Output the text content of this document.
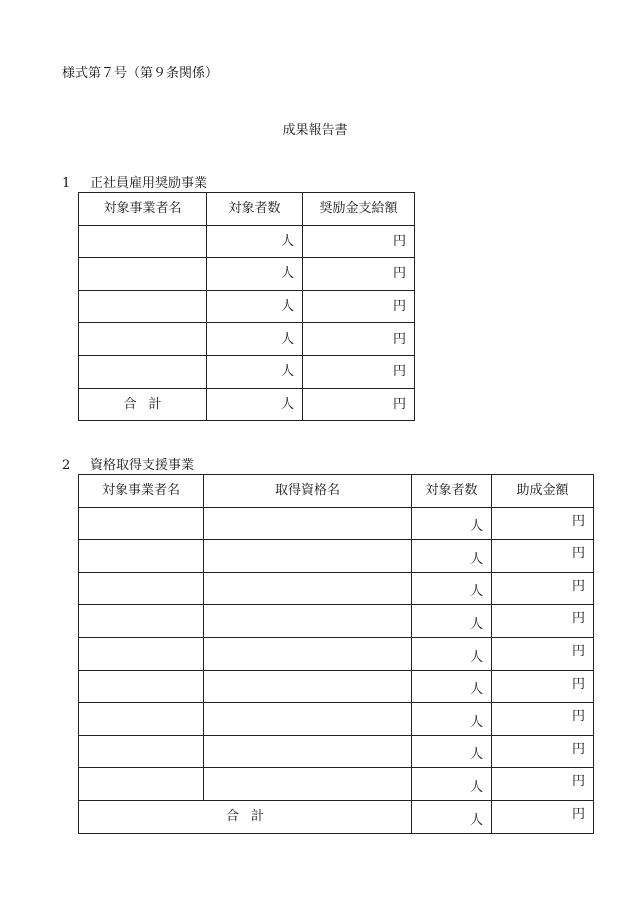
様式第７号（第９条関係）
成果報告書
1 正社員雇用奨励事業
対象事業者名	対象者数	奨励金支給額
	人	円
	人	円
	人	円
	人	円
	人	円
合計	人	円
2 資格取得支援事業
対象事業者名	取得資格名	対象者数	助成金額
		人	円
		人	円
		人	円
		人	円
		人	円
		人	円
		人	円
		人	円
		人	円
合計		人	円
